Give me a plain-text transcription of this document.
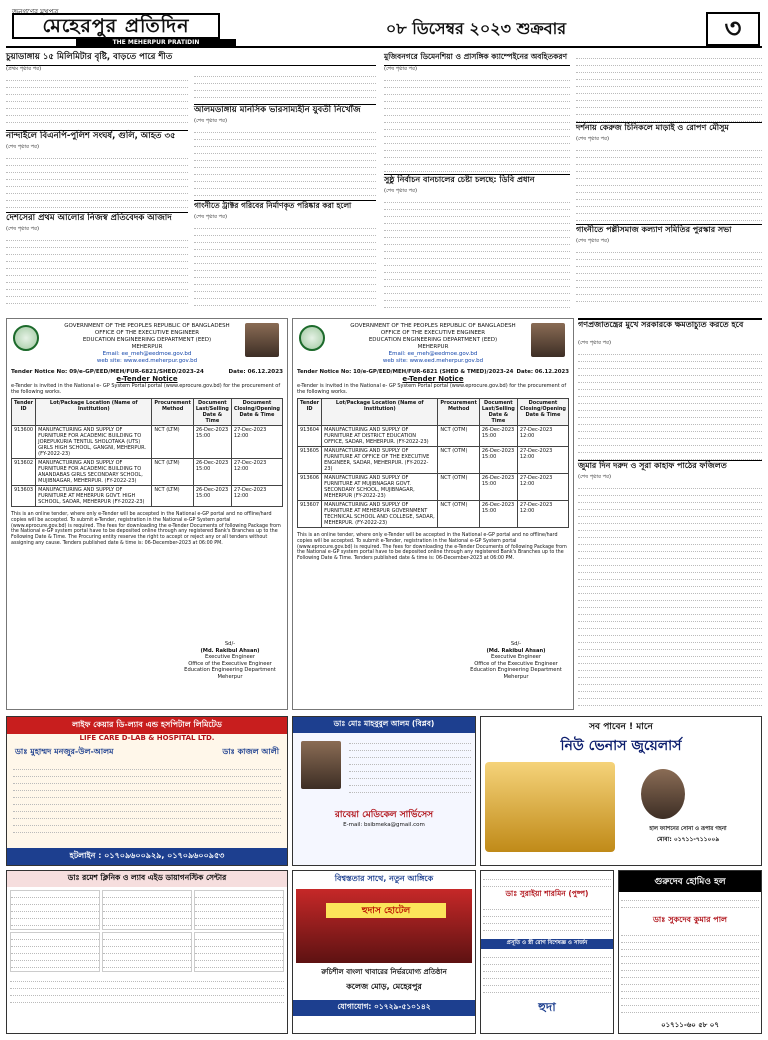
জনগণের মুখপত্র
মেহেরপুর প্রতিদিন
THE MEHERPUR PRATIDIN
০৮ ডিসেম্বর ২০২৩ শুক্রবার	৩
চুয়াডাঙ্গায় ১৫ মিলিমিটার বৃষ্টি, বাড়তে পারে শীত
(প্রথম পৃষ্ঠার পর)
নান্দাইলে বিএনপি-পুলিশ সংঘর্ষ, গুলি, আহত ৩৫
(শেষ পৃষ্ঠার পর)
দেশসেরা প্রথম আলোর নিজস্ব প্রতিবেদক আজাদ
(শেষ পৃষ্ঠার পর)
আলমডাঙ্গায় মানসিক ভারসাম্যহীন যুবতী নিখোঁজ
(শেষ পৃষ্ঠার পর)
গাংনীতে ট্রাক্টর গরিবের নির্মাণকৃত পরিষ্কার করা হলো
(শেষ পৃষ্ঠার পর)
মুজিবনগরে ডিমেনশিয়া ও প্রাসঙ্গিক ক্যাম্পেইনের অবহিতকরণ
(শেষ পৃষ্ঠার পর)
সুষ্ঠু নির্বাচন বানচালের চেষ্টা চলছে: ডিবি প্রধান
(শেষ পৃষ্ঠার পর)
দর্শনায় কেরুজ চিনিকলে মাড়াই ও রোপণ মৌসুম
(শেষ পৃষ্ঠার পর)
গাংনীতে পল্লীসমাজ কল্যাণ সমিতির পুরস্কার সভা
(শেষ পৃষ্ঠার পর)
GOVERNMENT OF THE PEOPLES REPUBLIC OF BANGLADESH
OFFICE OF THE EXECUTIVE ENGINEER
EDUCATION ENGINEERING DEPARTMENT (EED)
MEHERPUR
Email: ee_meh@eedmoe.gov.bd
web site: www.eed.meherpur.gov.bd
Tender Notice No: 09/e-GP/EED/MEH/FUR-6821/SHED/2023-24	Date: 06.12.2023
e-Tender Notice
e-Tender is invited in the National e- GP System Portal portal (www.eprocure.gov.bd) for the procurement of the following works.
Tender ID	Lot/Package Location (Name of Institution)	Procurement Method	Document Last/Selling Date & Time	Document Closing/Opening Date & Time
913600	MANUFACTURING AND SUPPLY OF FURNITURE FOR ACADEMIC BUILDING TO JOREPUKURIA TENTUL SHOLOTAKA (UTS) GIRLS HIGH SCHOOL, GANGNI, MEHERPUR. (FY-2022-23)	NCT (LTM)	26-Dec-2023 15:00	27-Dec-2023 12:00
913602	MANUFACTURING AND SUPPLY OF FURNITURE FOR ACADEMIC BUILDING TO ANANDABAS GIRLS SECONDARY SCHOOL, MUJIBNAGAR, MEHERPUR. (FY-2022-23)	NCT (LTM)	26-Dec-2023 15:00	27-Dec-2023 12:00
913603	MANUFACTURING AND SUPPLY OF FURNITURE AT MEHERPUR GOVT. HIGH SCHOOL, SADAR, MEHERPUR (FY-2022-23)	NCT (LTM)	26-Dec-2023 15:00	27-Dec-2023 12:00
This is an online tender, where only e-Tender will be accepted in the National e-GP portal and no offline/hard copies will be accepted. To submit e-Tender, registration in the National e-GP System portal (www.eprocure.gov.bd) is required. The fees for downloading the e-Tender Documents of following Package from the National e-GP system portal have to be deposited online through any registered Bank's Branches up to the Following Date & Time. The Procuring entity reserve the right to accept or reject any or all tenders without assigning any cause. Tenders published date & time is: 06-December-2023 at 06:00 PM.
Sd/-
(Md. Rakibul Ahsan)
Executive Engineer
Office of the Executive Engineer
Education Engineering Department
Meherpur
GOVERNMENT OF THE PEOPLES REPUBLIC OF BANGLADESH
OFFICE OF THE EXECUTIVE ENGINEER
EDUCATION ENGINEERING DEPARTMENT (EED)
MEHERPUR
Email: ee_meh@eedmoe.gov.bd
web site: www.eed.meherpur.gov.bd
Tender Notice No: 10/e-GP/EED/MEH/FUR-6821 (SHED & TMED)/2023-24 Date: 06.12.2023
e-Tender Notice
e-Tender is invited in the National e- GP System Portal portal (www.eprocure.gov.bd) for the procurement of the following works.
Tender ID	Lot/Package Location (Name of Institution)	Procurement Method	Document Last/Selling Date & Time	Document Closing/Opening Date & Time
913604	MANUFACTURING AND SUPPLY OF FURNITURE AT DISTRICT EDUCATION OFFICE, SADAR, MEHERPUR. (FY-2022-23)	NCT (OTM)	26-Dec-2023 15:00	27-Dec-2023 12:00
913605	MANUFACTURING AND SUPPLY OF FURNITURE AT OFFICE OF THE EXECUTIVE ENGINEER, SADAR, MEHERPUR. (FY-2022-23)	NCT (OTM)	26-Dec-2023 15:00	27-Dec-2023 12:00
913606	MANUFACTURING AND SUPPLY OF FURNITURE AT MUJIBNAGAR GOVT. SECONDARY SCHOOL, MUJIBNAGAR, MEHERPUR (FY-2022-23)	NCT (OTM)	26-Dec-2023 15:00	27-Dec-2023 12:00
913607	MANUFACTURING AND SUPPLY OF FURNITURE AT MEHERPUR GOVERNMENT TECHNICAL SCHOOL AND COLLEGE, SADAR, MEHERPUR. (FY-2022-23)	NCT (OTM)	26-Dec-2023 15:00	27-Dec-2023 12:00
This is an online tender, where only e-Tender will be accepted in the National e-GP portal and no offline/hard copies will be accepted. To submit e-Tender, registration in the National e-GP System portal (www.eprocure.gov.bd) is required. The fees for downloading the e-Tender Documents of following Package from the National e-GP system portal have to be deposited online through any registered Bank's Branches up to the Following Date & Time. Tenders published date & time is: 06-December-2023 at 06:00 PM.
Sd/-
(Md. Rakibul Ahsan)
Executive Engineer
Office of the Executive Engineer
Education Engineering Department
Meherpur
গণপ্রজাতন্ত্রের মুখে সরকারকে ক্ষমতাচ্যুত করতে হবে
(শেষ পৃষ্ঠার পর)
জুমার দিন দরুদ ও সূরা কাহাফ পাঠের ফজিলত
(শেষ পৃষ্ঠার পর)
লাইফ কেয়ার ডি-ল্যাব এন্ড হসপিটাল লিমিটেড
LIFE CARE D-LAB & HOSPITAL LTD.
ডাঃ মুহাম্মদ মনজুর-উল-আলম	ডাঃ কাজল আলী
হটলাইন : ০১৭০৯৬০০৯২৯, ০১৭০৯৬০০৯৫৩
ডাঃ মোঃ মাহবুবুল আলম (বিপ্লব)
রাবেয়া মেডিকেল সার্ভিসেস
E-mail: bsibmeka@gmail.com
সব পাবেন ! মানে
নিউ ভেনাস জুয়েলার্স
হাল ফ্যাশনের সোনা ও রূপার গহনা
মোবা: ০১৭১১-৭১১০০৯
ডাঃ রমেশ ক্লিনিক ও ল্যাব এইড ডায়াগনস্টিক সেন্টার	বিশ্বস্ততার সাথে, নতুন আঙ্গিকে
হুদাস হোটেল
রুচিশীল বাংলা খাবারের নির্ভরযোগ্য প্রতিষ্ঠান
কলেজ মোড়, মেহেরপুর
যোগাযোগ: ০১৭২৯-৫১০১৪২
ডাঃ সুরাইয়া শারমিন (পুষ্প)
প্রসূতি ও স্ত্রী রোগ বিশেষজ্ঞ ও সার্জন
হুদা
গুরুদেব হোমিও হল
ডাঃ সুকদেব কুমার পাল
০১৭১১-৬০ ৫৮ ০৭
